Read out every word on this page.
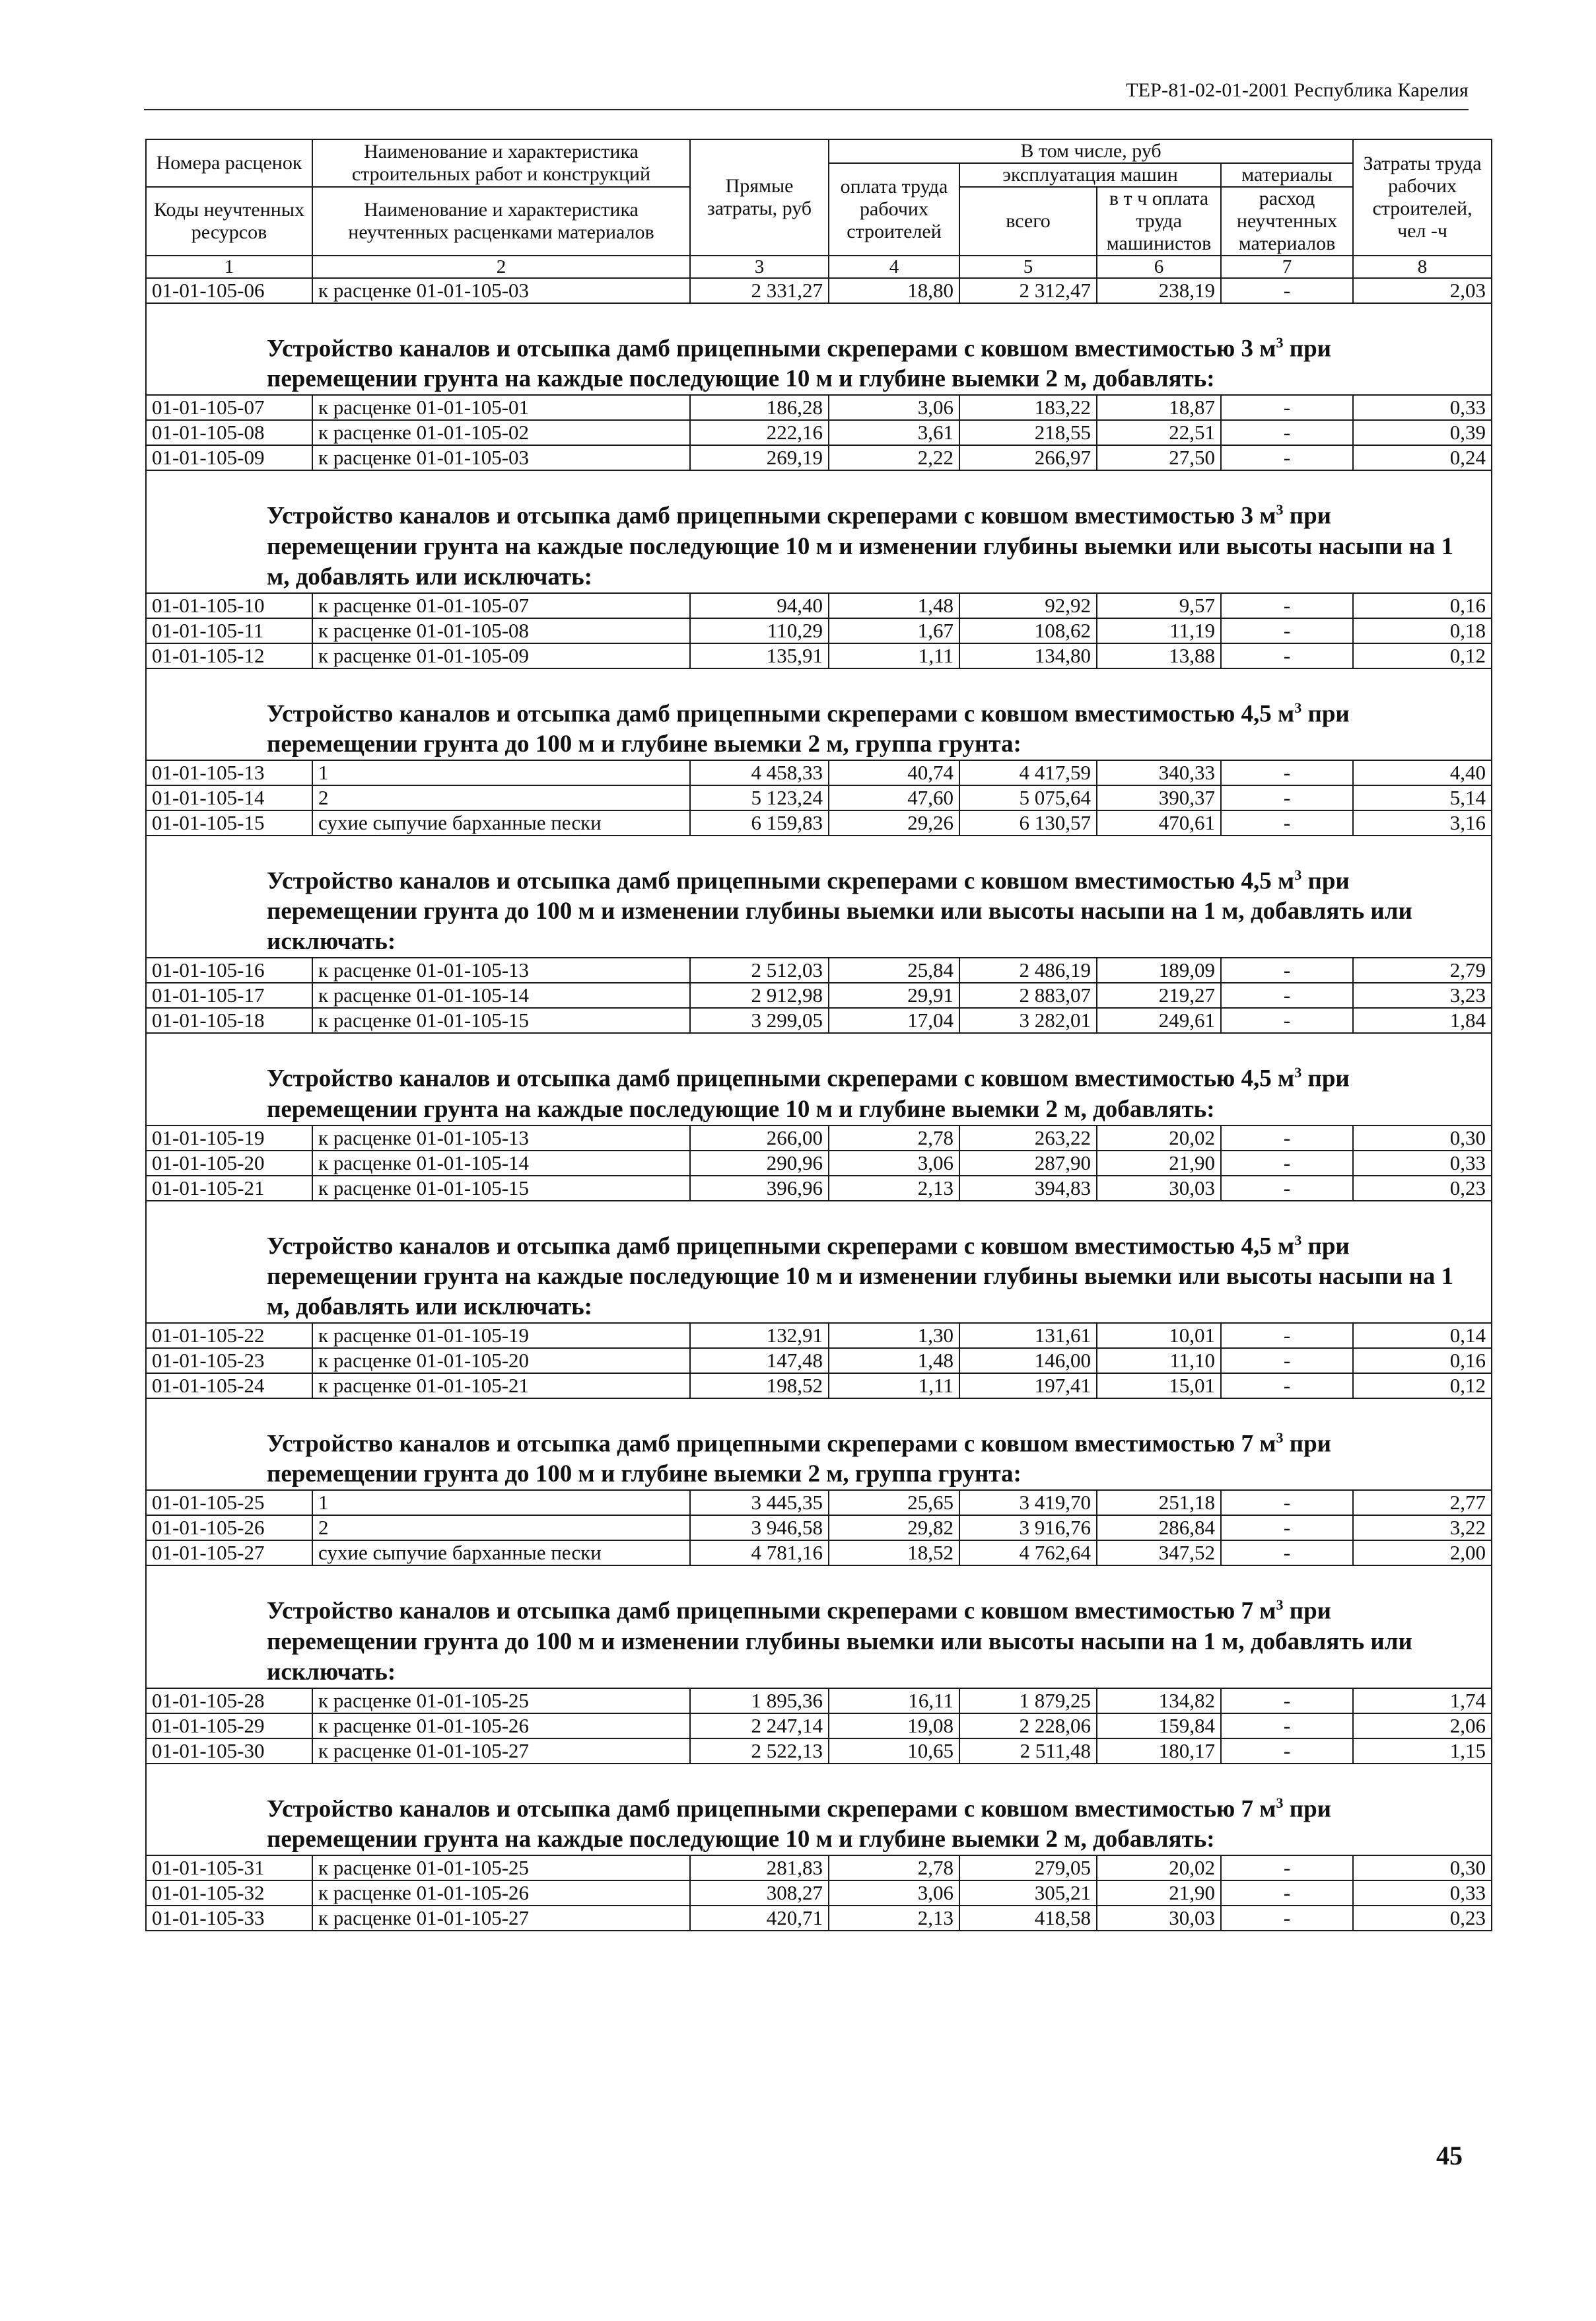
ТЕР-81-02-01-2001 Республика Карелия
Номера расценок	Наименование и характеристика строительных работ и конструкций	Прямые затраты, руб	В том числе, руб				Затраты труда рабочих строителей, чел -ч
			оплата труда рабочих строителей	эксплуатация машин		материалы	
Коды неучтенных ресурсов	Наименование и характеристика неучтенных расценками материалов			всего	в т ч оплата труда машинистов	расход неучтенных материалов	

1	2	3	4	5	6	7	8
01-01-105-06	к расценке 01-01-105-03	2 331,27	18,80	2 312,47	238,19	-	2,03
Устройство каналов и отсыпка дамб прицепными скреперами с ковшом вместимостью 3 $м^3$ при перемещении грунта на каждые последующие 10 м и глубине выемки 2 м, добавлять:							
01-01-105-07	к расценке 01-01-105-01	186,28	3,06	183,22	18,87	-	0,33
01-01-105-08	к расценке 01-01-105-02	222,16	3,61	218,55	22,51	-	0,39
01-01-105-09	к расценке 01-01-105-03	269,19	2,22	266,97	27,50	-	0,24
Устройство каналов и отсыпка дамб прицепными скреперами с ковшом вместимостью 3 $м^3$ при перемещении грунта на каждые последующие 10 м и изменении глубины выемки или высоты насыпи на 1 м, добавлять или исключать:							
01-01-105-10	к расценке 01-01-105-07	94,40	1,48	92,92	9,57	-	0,16
01-01-105-11	к расценке 01-01-105-08	110,29	1,67	108,62	11,19	-	0,18
01-01-105-12	к расценке 01-01-105-09	135,91	1,11	134,80	13,88	-	0,12
Устройство каналов и отсыпка дамб прицепными скреперами с ковшом вместимостью 4,5 $м^3$ при перемещении грунта до 100 м и глубине выемки 2 м, группа грунта:							
01-01-105-13	1	4 458,33	40,74	4 417,59	340,33	-	4,40
01-01-105-14	2	5 123,24	47,60	5 075,64	390,37	-	5,14
01-01-105-15	сухие сыпучие барханные пески	6 159,83	29,26	6 130,57	470,61	-	3,16
Устройство каналов и отсыпка дамб прицепными скреперами с ковшом вместимостью 4,5 $м^3$ при перемещении грунта до 100 м и изменении глубины выемки или высоты насыпи на 1 м, добавлять или исключать:							
01-01-105-16	к расценке 01-01-105-13	2 512,03	25,84	2 486,19	189,09	-	2,79
01-01-105-17	к расценке 01-01-105-14	2 912,98	29,91	2 883,07	219,27	-	3,23
01-01-105-18	к расценке 01-01-105-15	3 299,05	17,04	3 282,01	249,61	-	1,84
Устройство каналов и отсыпка дамб прицепными скреперами с ковшом вместимостью 4,5 $м^3$ при перемещении грунта на каждые последующие 10 м и глубине выемки 2 м, добавлять:							
01-01-105-19	к расценке 01-01-105-13	266,00	2,78	263,22	20,02	-	0,30
01-01-105-20	к расценке 01-01-105-14	290,96	3,06	287,90	21,90	-	0,33
01-01-105-21	к расценке 01-01-105-15	396,96	2,13	394,83	30,03	-	0,23
Устройство каналов и отсыпка дамб прицепными скреперами с ковшом вместимостью 4,5 $м^3$ при перемещении грунта на каждые последующие 10 м и изменении глубины выемки или высоты насыпи на 1 м, добавлять или исключать:							
01-01-105-22	к расценке 01-01-105-19	132,91	1,30	131,61	10,01	-	0,14
01-01-105-23	к расценке 01-01-105-20	147,48	1,48	146,00	11,10	-	0,16
01-01-105-24	к расценке 01-01-105-21	198,52	1,11	197,41	15,01	-	0,12
Устройство каналов и отсыпка дамб прицепными скреперами с ковшом вместимостью 7 $м^3$ при перемещении грунта до 100 м и глубине выемки 2 м, группа грунта:							
01-01-105-25	1	3 445,35	25,65	3 419,70	251,18	-	2,77
01-01-105-26	2	3 946,58	29,82	3 916,76	286,84	-	3,22
01-01-105-27	сухие сыпучие барханные пески	4 781,16	18,52	4 762,64	347,52	-	2,00
Устройство каналов и отсыпка дамб прицепными скреперами с ковшом вместимостью 7 $м^3$ при перемещении грунта до 100 м и изменении глубины выемки или высоты насыпи на 1 м, добавлять или исключать:							
01-01-105-28	к расценке 01-01-105-25	1 895,36	16,11	1 879,25	134,82	-	1,74
01-01-105-29	к расценке 01-01-105-26	2 247,14	19,08	2 228,06	159,84	-	2,06
01-01-105-30	к расценке 01-01-105-27	2 522,13	10,65	2 511,48	180,17	-	1,15
Устройство каналов и отсыпка дамб прицепными скреперами с ковшом вместимостью 7 $м^3$ при перемещении грунта на каждые последующие 10 м и глубине выемки 2 м, добавлять:							
01-01-105-31	к расценке 01-01-105-25	281,83	2,78	279,05	20,02	-	0,30
01-01-105-32	к расценке 01-01-105-26	308,27	3,06	305,21	21,90	-	0,33
01-01-105-33	к расценке 01-01-105-27	420,71	2,13	418,58	30,03	-	0,23
45
